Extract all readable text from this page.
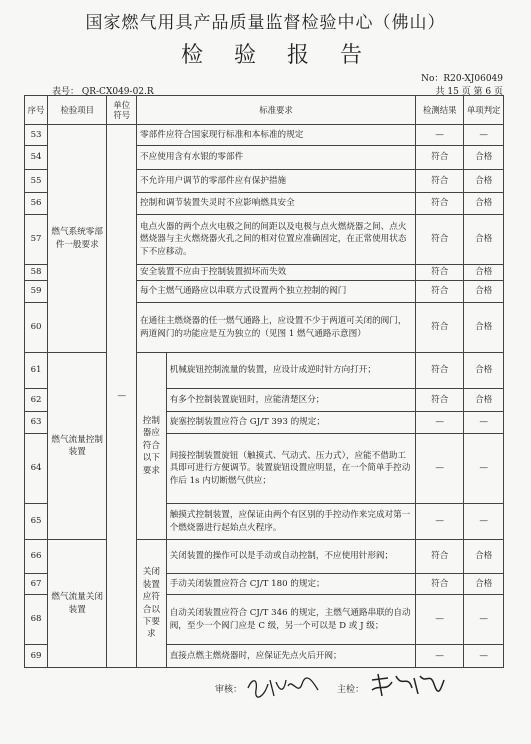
国家燃气用具产品质量监督检验中心（佛山）
检 验 报 告
No：R20-XJ06049
表号： QR-CX049-02.R	共 15 页 第 6 页
序号	检验项目	单位符号	标准要求		检测结果	单项判定
53	燃气系统零部件一般要求	—	零部件应符合国家现行标准和本标准的规定		—	—
54			不应使用含有水银的零部件		符合	合格
55			不允许用户调节的零部件应有保护措施		符合	合格
56			控制和调节装置失灵时不应影响燃具安全		符合	合格
57			电点火器的两个点火电极之间的间距以及电极与点火燃烧器之间、点火燃烧器与主火燃烧器火孔之间的相对位置应准确固定，在正常使用状态下不应移动。		符合	合格
58			安全装置不应由于控制装置损坏而失效		符合	合格
59			每个主燃气通路应以串联方式设置两个独立控制的阀门		符合	合格
60			在通往主燃烧器的任一燃气通路上，应设置不少于两道可关闭的阀门，两道阀门的功能应是互为独立的（见图 1 燃气通路示意图）		符合	合格
61	燃气流量控制装置		控制器应符合以下要求	机械旋钮控制流量的装置，应设计成逆时针方向打开；	符合	合格
62				有多个控制装置旋钮时，应能清楚区分；	符合	合格
63				旋塞控制装置应符合 GJ/T 393 的规定；	—	—
64				间接控制装置旋钮（触摸式、气动式、压力式），应能不借助工具即可进行方便调节。装置旋钮设置应明显，在一个简单手控动作后 1s 内切断燃气供应；	—	—
65				触摸式控制装置，应保证由两个有区别的手控动作来完成对第一个燃烧器进行起始点火程序。	—	—
66	燃气流量关闭装置		关闭装置应符合以下要求	关闭装置的操作可以是手动或自动控制，不应使用针形阀；	符合	合格
67				手动关闭装置应符合 CJ/T 180 的规定；	符合	合格
68				自动关闭装置应符合 CJ/T 346 的规定，主燃气通路串联的自动阀，至少一个阀门应是 C 级，另一个可以是 D 或 J 级；	—	—
69				直接点燃主燃烧器时，应保证先点火后开阀；	—	—
审核：	主检：
